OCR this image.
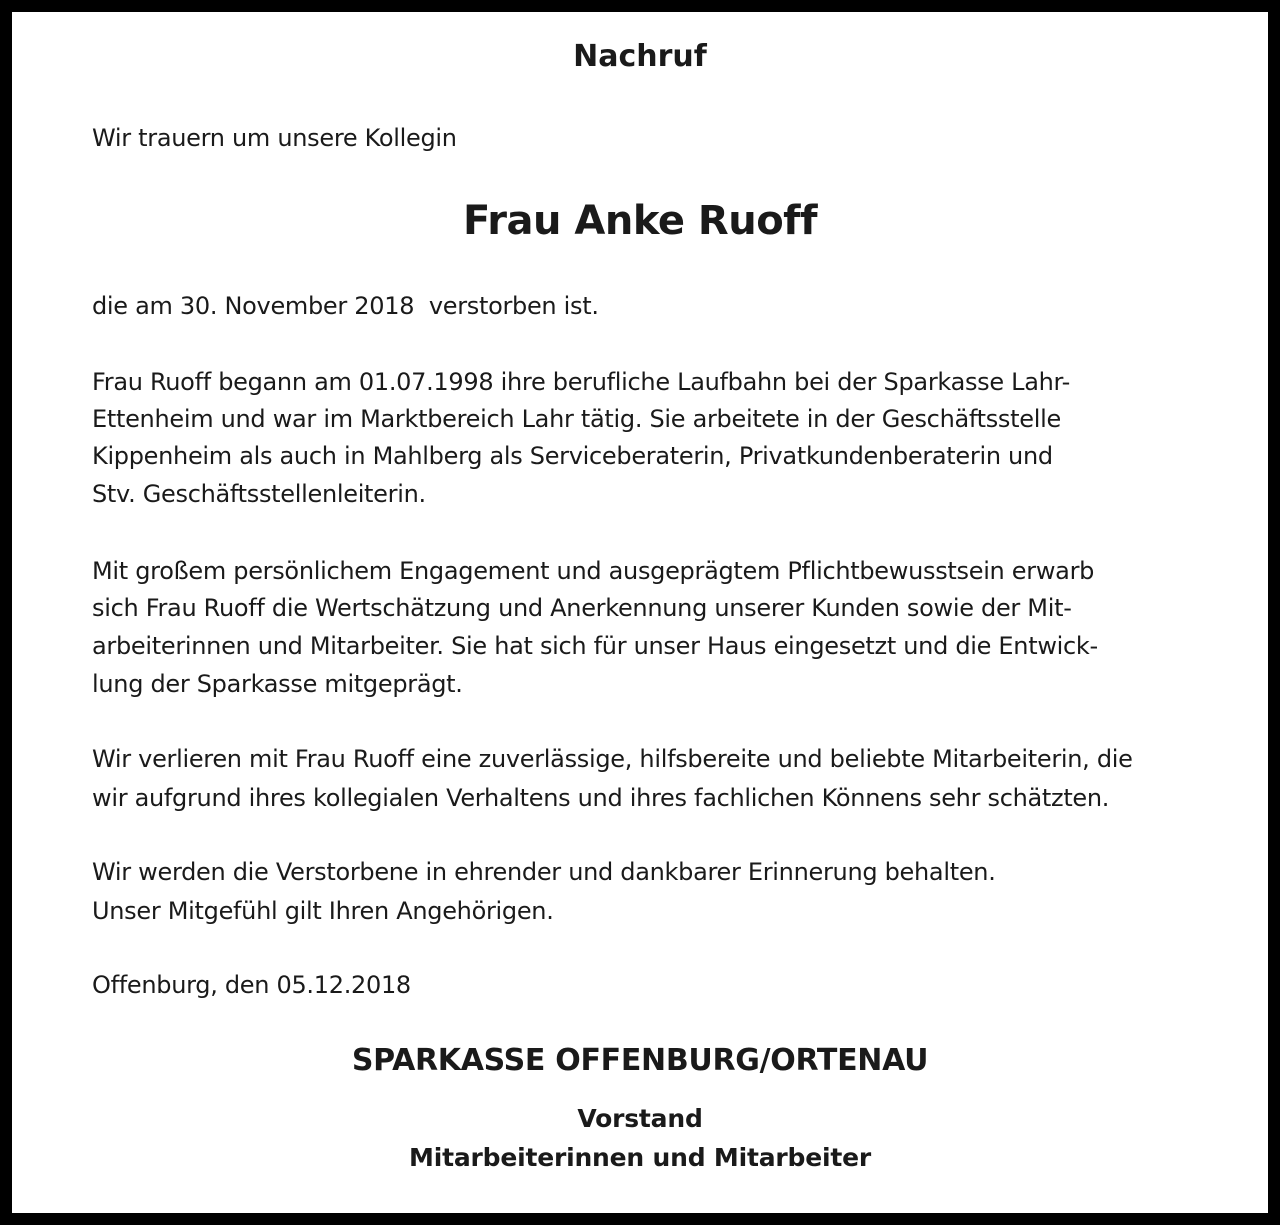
Nachruf
Wir trauern um unsere Kollegin
Frau Anke Ruoff
die am 30. November 2018  verstorben ist.
Frau Ruoff begann am 01.07.1998 ihre berufliche Laufbahn bei der Sparkasse Lahr-
Ettenheim und war im Marktbereich Lahr tätig. Sie arbeitete in der Geschäftsstelle
Kippenheim als auch in Mahlberg als Serviceberaterin, Privatkundenberaterin und
Stv. Geschäftsstellenleiterin.
Mit großem persönlichem Engagement und ausgeprägtem Pflichtbewusstsein erwarb
sich Frau Ruoff die Wertschätzung und Anerkennung unserer Kunden sowie der Mit-
arbeiterinnen und Mitarbeiter. Sie hat sich für unser Haus eingesetzt und die Entwick-
lung der Sparkasse mitgeprägt.
Wir verlieren mit Frau Ruoff eine zuverlässige, hilfsbereite und beliebte Mitarbeiterin, die
wir aufgrund ihres kollegialen Verhaltens und ihres fachlichen Könnens sehr schätzten.
Wir werden die Verstorbene in ehrender und dankbarer Erinnerung behalten.
Unser Mitgefühl gilt Ihren Angehörigen.
Offenburg, den 05.12.2018
SPARKASSE OFFENBURG/ORTENAU
Vorstand
Mitarbeiterinnen und Mitarbeiter
